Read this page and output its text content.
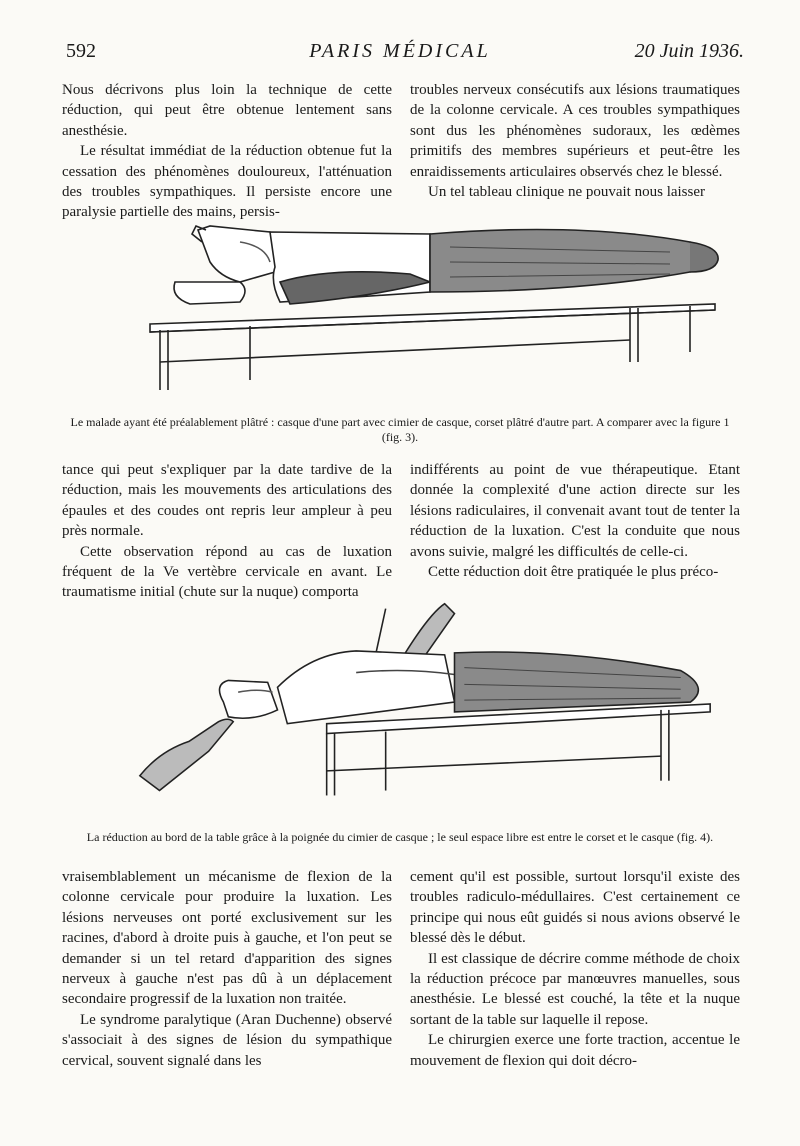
592	PARIS MÉDICAL	20 Juin 1936.

Nous décrivons plus loin la technique de cette réduction, qui peut être obtenue lentement sans anesthésie.

Le résultat immédiat de la réduction obtenue fut la cessation des phénomènes douloureux, l'atténuation des troubles sympathiques. Il persiste encore une paralysie partielle des mains, persis-

troubles nerveux consécutifs aux lésions traumatiques de la colonne cervicale. A ces troubles sympathiques sont dus les phénomènes sudoraux, les œdèmes primitifs des membres supérieurs et peut-être les enraidissements articulaires observés chez le blessé.

Un tel tableau clinique ne pouvait nous laisser

Le malade ayant été préalablement plâtré : casque d'une part avec cimier de casque, corset plâtré d'autre part. A comparer avec la figure 1 (fig. 3).

tance qui peut s'expliquer par la date tardive de la réduction, mais les mouvements des articulations des épaules et des coudes ont repris leur ampleur à peu près normale.

Cette observation répond au cas de luxation fréquent de la Ve vertèbre cervicale en avant. Le traumatisme initial (chute sur la nuque) comporta

indifférents au point de vue thérapeutique. Etant donnée la complexité d'une action directe sur les lésions radiculaires, il convenait avant tout de tenter la réduction de la luxation. C'est la conduite que nous avons suivie, malgré les difficultés de celle-ci.

Cette réduction doit être pratiquée le plus préco-

La réduction au bord de la table grâce à la poignée du cimier de casque ; le seul espace libre est entre le corset et le casque (fig. 4).

vraisemblablement un mécanisme de flexion de la colonne cervicale pour produire la luxation. Les lésions nerveuses ont porté exclusivement sur les racines, d'abord à droite puis à gauche, et l'on peut se demander si un tel retard d'apparition des signes nerveux à gauche n'est pas dû à un déplacement secondaire progressif de la luxation non traitée.

Le syndrome paralytique (Aran Duchenne) observé s'associait à des signes de lésion du sympathique cervical, souvent signalé dans les

cement qu'il est possible, surtout lorsqu'il existe des troubles radiculo-médullaires. C'est certainement ce principe qui nous eût guidés si nous avions observé le blessé dès le début.

Il est classique de décrire comme méthode de choix la réduction précoce par manœuvres manuelles, sous anesthésie. Le blessé est couché, la tête et la nuque sortant de la table sur laquelle il repose.

Le chirurgien exerce une forte traction, accentue le mouvement de flexion qui doit décro-
